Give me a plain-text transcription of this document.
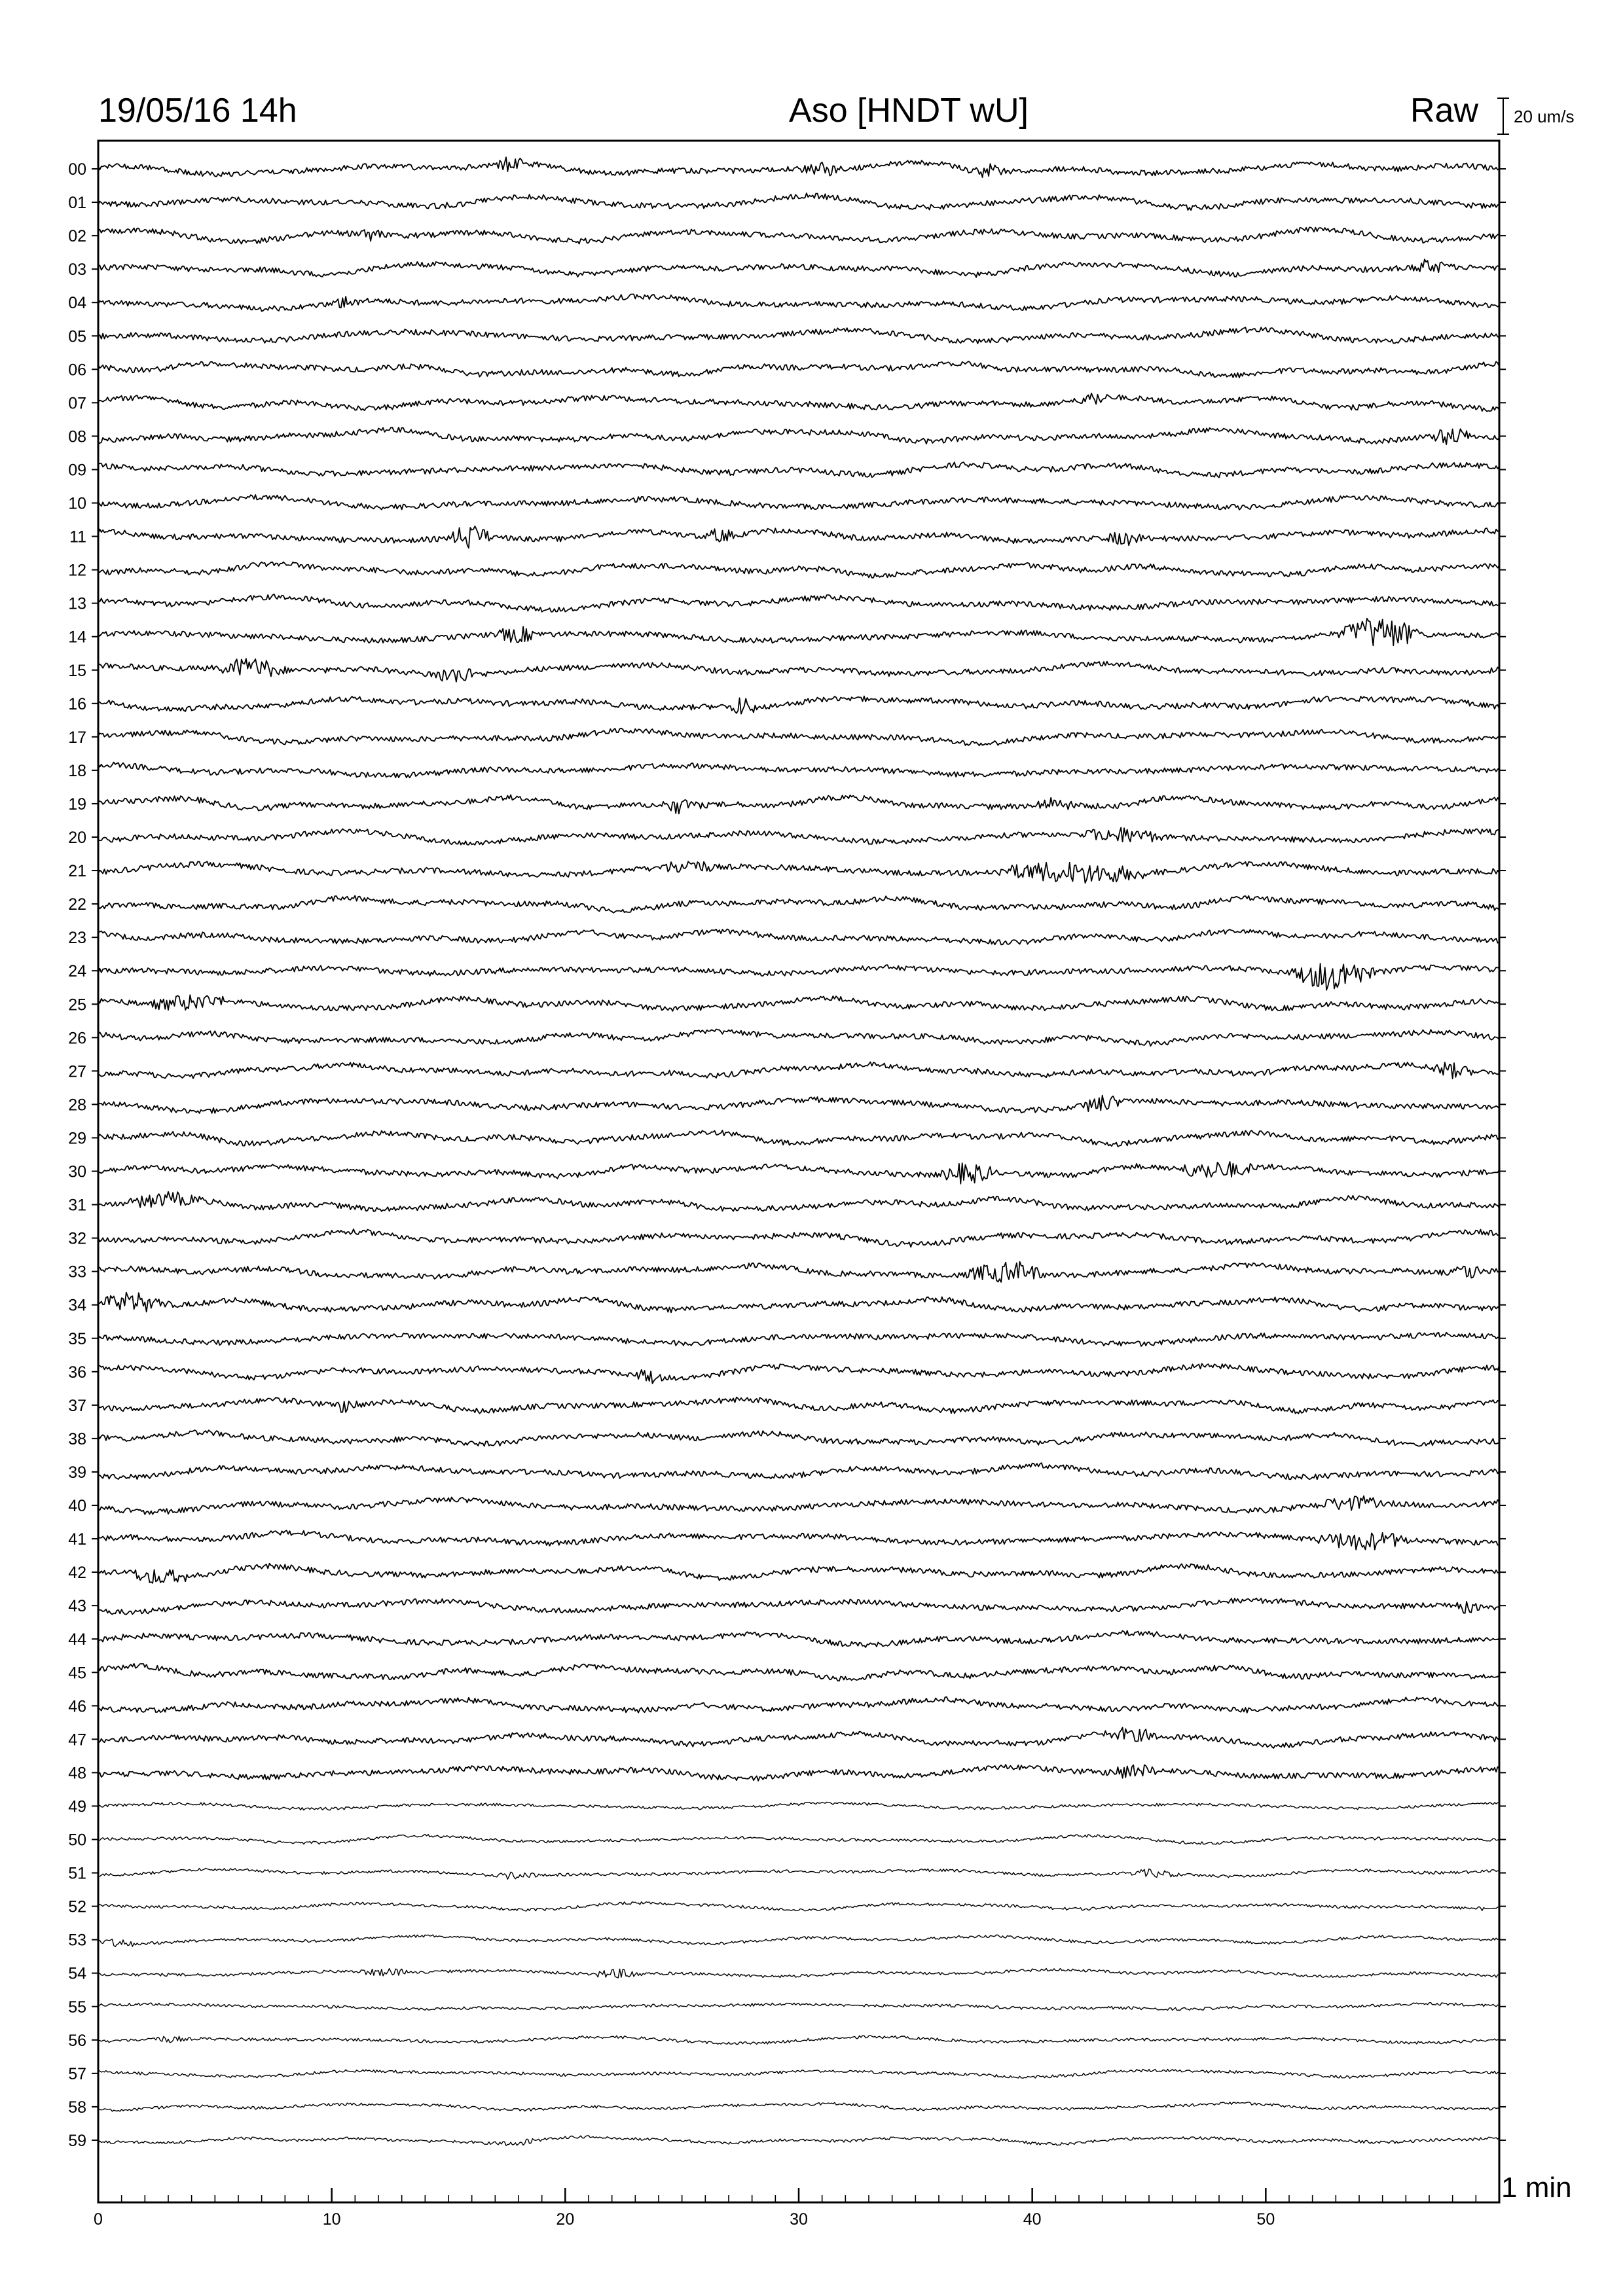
19/05/16 14h	Aso [HNDT wU]	Raw 20 um/s
1 min
00
01
02
03
04
05
06
07
08
09
10
11
12
13
14
15
16
17
18
19
20
21
22
23
24
25
26
27
28
29
30
31
32
33
34
35
36
37
38
39
40
41
42
43
44
45
46
47
48
49
50
51
52
53
54
55
56
57
58
59
0	10	20	30	40	50
